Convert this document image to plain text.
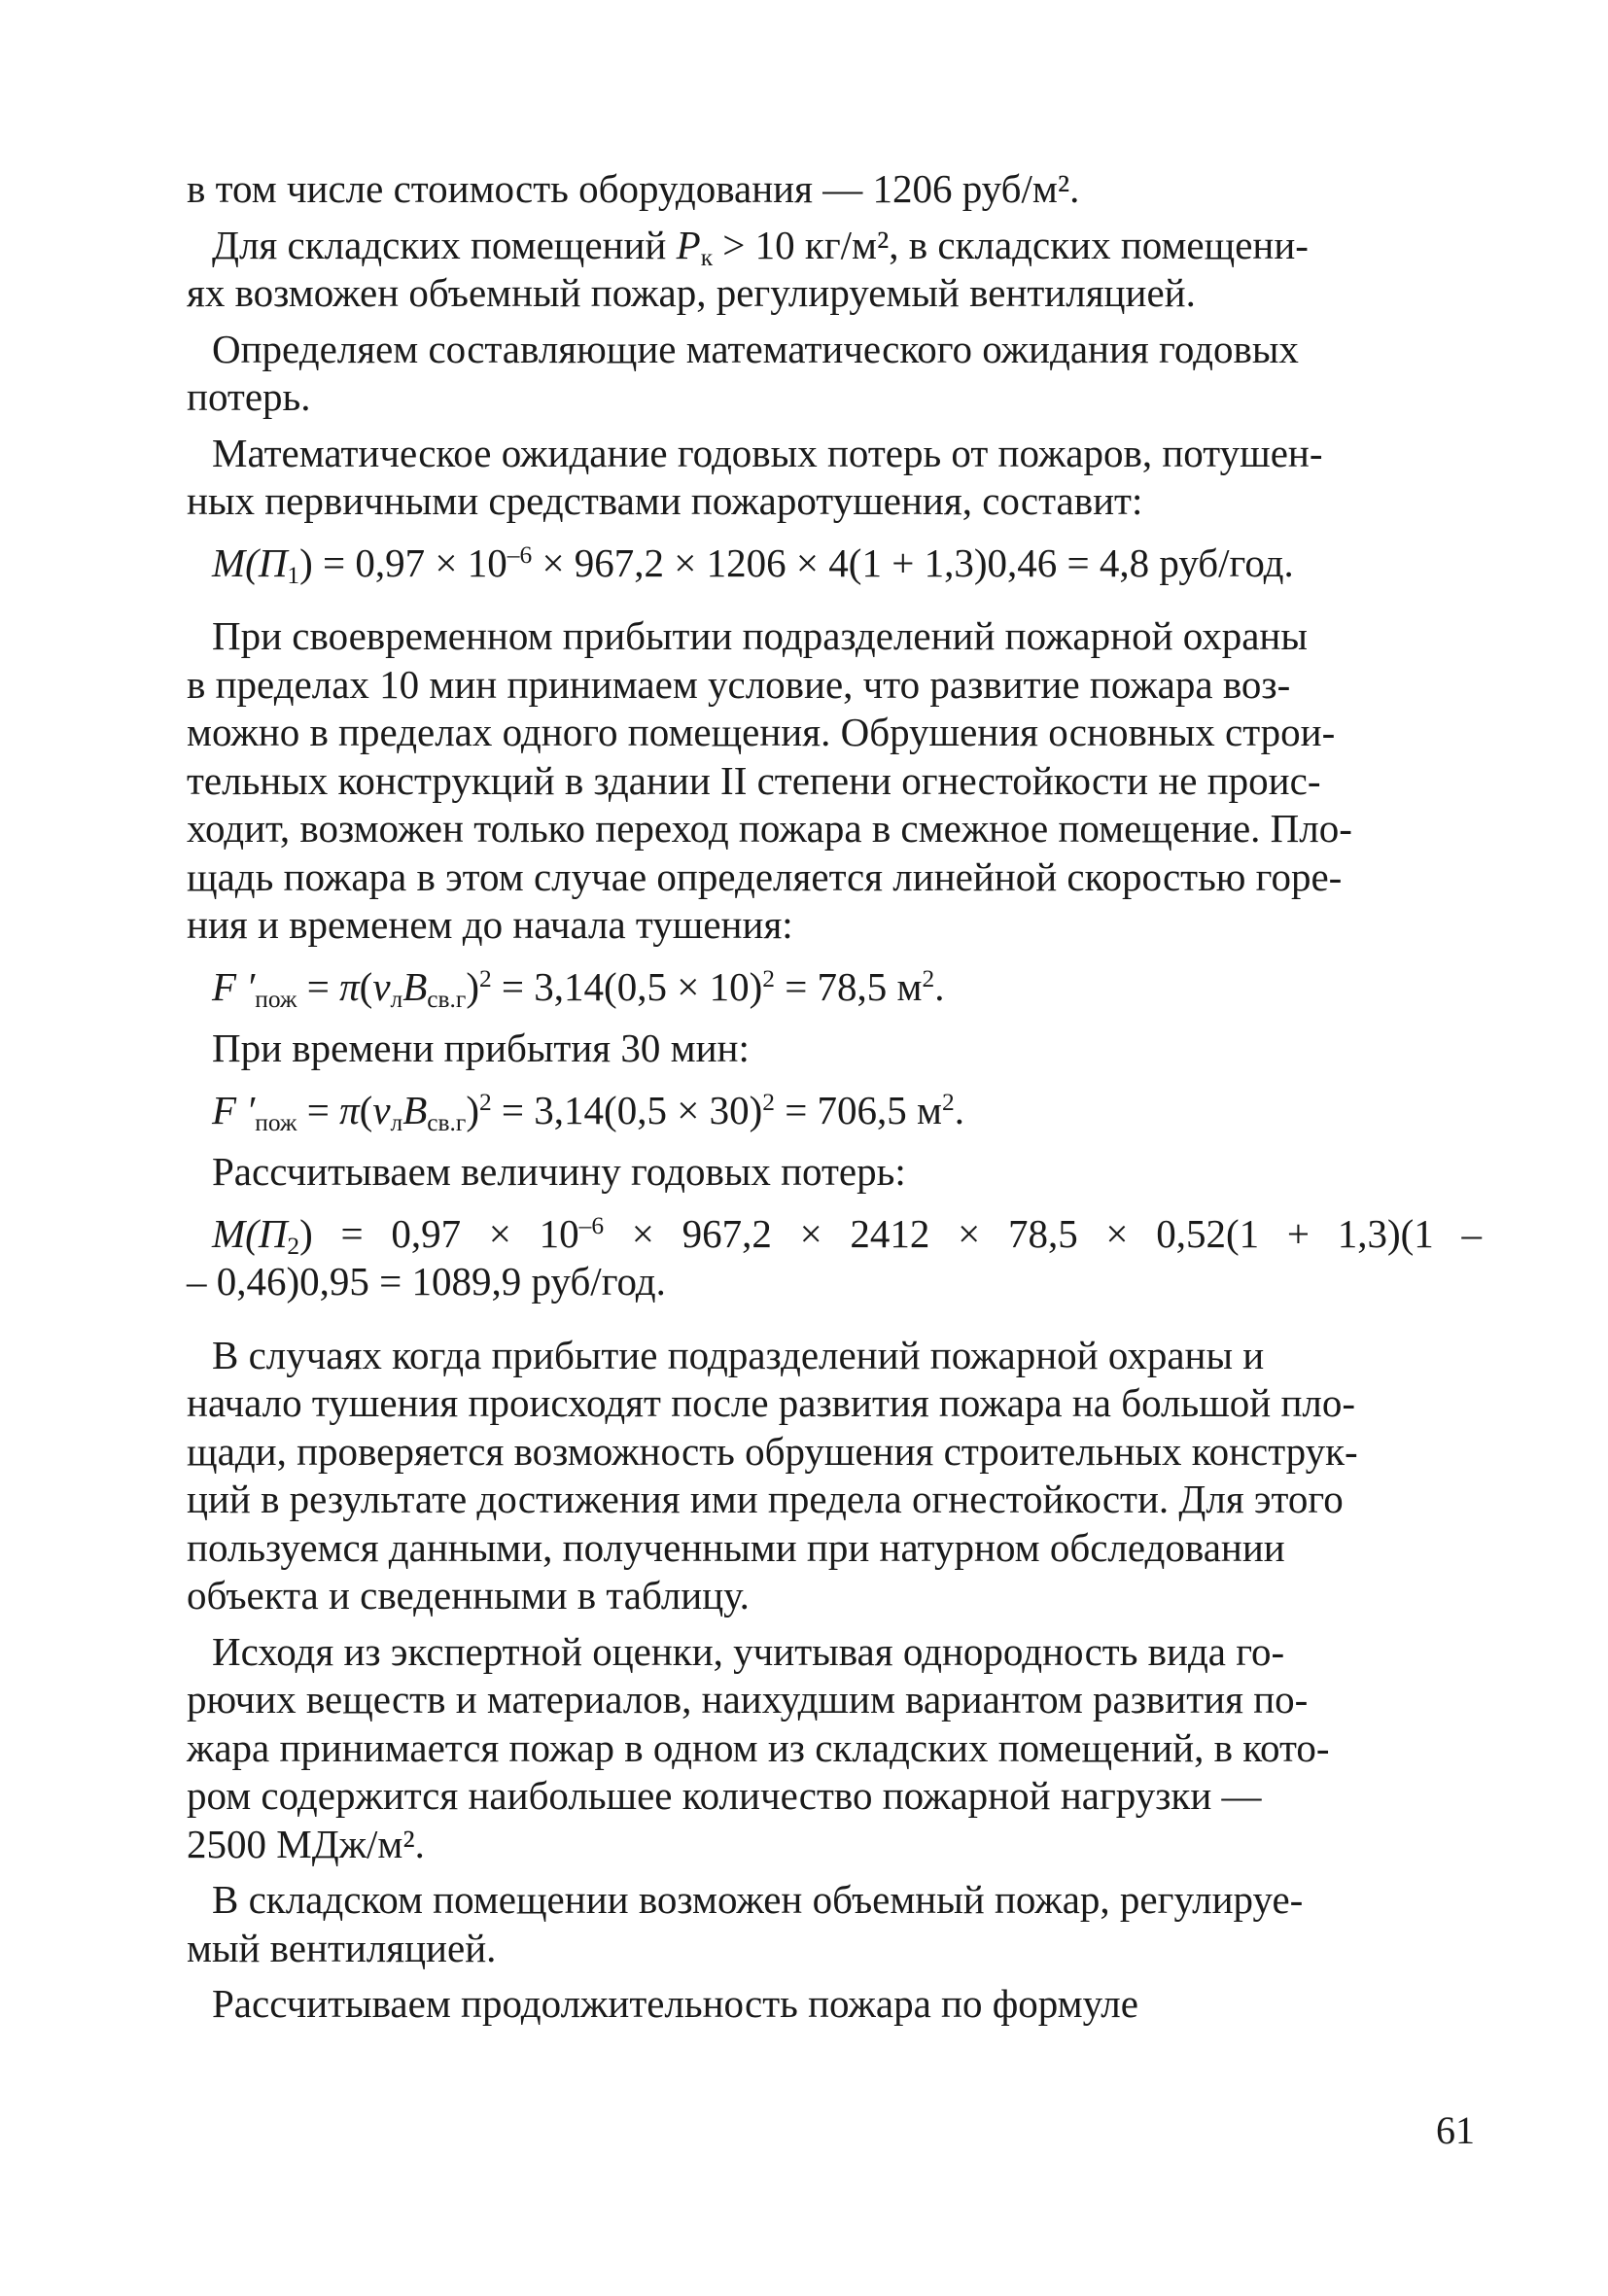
в том числе стоимость оборудования — 1206 руб/м².

Для складских помещений $Р_к > 10$ кг/м², в складских помещени-
ях возможен объемный пожар, регулируемый вентиляцией.

Определяем составляющие математического ожидания годовых
потерь.

Математическое ожидание годовых потерь от пожаров, потушен-
ных первичными средствами пожаротушения, составит:

$М(П_1) = 0,97 \times 10^{-6} \times 967,2 \times 1206 \times 4(1 + 1,3)0,46 = 4,8$ руб/год.

При своевременном прибытии подразделений пожарной охраны
в пределах 10 мин принимаем условие, что развитие пожара воз-
можно в пределах одного помещения. Обрушения основных строи-
тельных конструкций в здании II степени огнестойкости не проис-
ходит, возможен только переход пожара в смежное помещение. Пло-
щадь пожара в этом случае определяется линейной скоростью горе-
ния и временем до начала тушения:

F $'_{пож} = \pi(v_лB_{св.г})^2 = 3,14(0,5 \times 10)^2 = 78,5$ $м^2$.

При времени прибытия 30 мин:

F $'_{пож} = \pi(v_лB_{св.г})^2 = 3,14(0,5 \times 30)^2 = 706,5$ $м^2$.

Рассчитываем величину годовых потерь:

$М(П_2) = 0,97 \times 10^{-6} \times 967,2 \times 2412 \times 78,5 \times 0,52(1 + 1,3)(1$ –

– 0,46)0,95 = 1089,9 руб/год.

В случаях когда прибытие подразделений пожарной охраны и
начало тушения происходят после развития пожара на большой пло-
щади, проверяется возможность обрушения строительных конструк-
ций в результате достижения ими предела огнестойкости. Для этого
пользуемся данными, полученными при натурном обследовании
объекта и сведенными в таблицу.

Исходя из экспертной оценки, учитывая однородность вида го-
рючих веществ и материалов, наихудшим вариантом развития по-
жара принимается пожар в одном из складских помещений, в кото-
ром содержится наибольшее количество пожарной нагрузки —
2500 МДж/м².

В складском помещении возможен объемный пожар, регулируе-
мый вентиляцией.

Рассчитываем продолжительность пожара по формуле

61
